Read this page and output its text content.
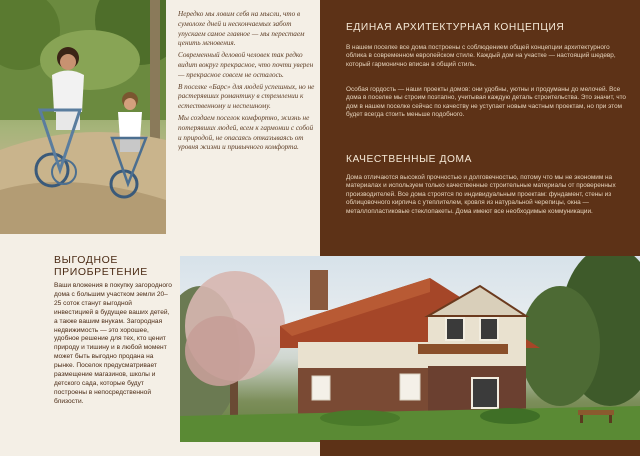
Нередко мы ловим себя на мысли, что в сумолохе дней и нескончаемых забот упускаем самое главное — мы перестаем ценить мгновения.

Современный деловой человек так редко видит вокруг прекрасное, что почти уверен — прекрасное совсем не осталось.

В поселке «Барс» для людей успешных, но не растерявших романтику в стремлении к естественному и неспешному.

Мы создаем поселок комфортно, жизнь не потерявших людей, всем к гармонии с собой и природой, не опасаясь отказываясь от уровня жизни и привычного комфорта.

ЕДИНАЯ АРХИТЕКТУРНАЯ КОНЦЕПЦИЯ

В нашем поселке все дома построены с соблюдением общей концепции архитектурного облика в современном европейском стиле. Каждый дом на участке — настоящий шедевр, который гармонично вписан в общий стиль.

Особая гордость — наши проекты домов: они удобны, уютны и продуманы до мелочей. Все дома в поселке мы строим поэтапно, учитывая каждую деталь строительства. Это значит, что дом в нашем поселке сейчас по качеству не уступает новым частным проектам, но при этом будет всегда стоить меньше подобного.

КАЧЕСТВЕННЫЕ ДОМА

Дома отличаются высокой прочностью и долговечностью, потому что мы не экономим на материалах и используем только качественные строительные материалы от проверенных производителей. Все дома строятся по индивидуальным проектам: фундамент, стены из облицовочного кирпича с утеплителем, кровля из натуральной черепицы, окна — металлопластиковые стеклопакеты. Дома имеют все необходимые коммуникации.

ВЫГОДНОЕ ПРИОБРЕТЕНИЕ

Ваши вложения в покупку загородного дома с большим участком земли 20–25 соток станут выгодной инвестицией в будущее ваших детей, а также вашим внукам. Загородная недвижимость — это хорошее, удобное решение для тех, кто ценит природу и тишину и в любой момент может быть выгодно продана на рынке. Поселок предусматривает размещение магазинов, школы и детского сада, которые будут построены в непосредственной близости.
